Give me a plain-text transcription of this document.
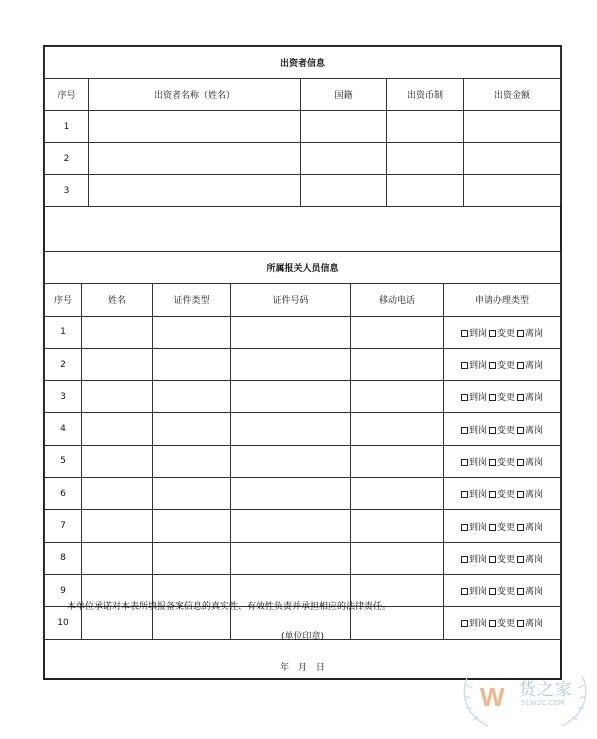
出资者信息				
序号	出资者名称（姓名）	国籍	出资币制	出资金额
1				
2				
3				
所属报关人员信息					
序号	姓名	证件类型	证件号码	移动电话	申请办理类型
1					到岗 变更 离岗
2					到岗 变更 离岗
3					到岗 变更 离岗
4					到岗 变更 离岗
5					到岗 变更 离岗
6					到岗 变更 离岗
7					到岗 变更 离岗
8					到岗 变更 离岗
9					到岗 变更 离岗
10					到岗 变更 离岗
本单位承诺对本表所填报备案信息的真实性、有效性负责并承担相应的法律责任。
(单位印章)
年 月 日
W 货之家
51W2C.COM
